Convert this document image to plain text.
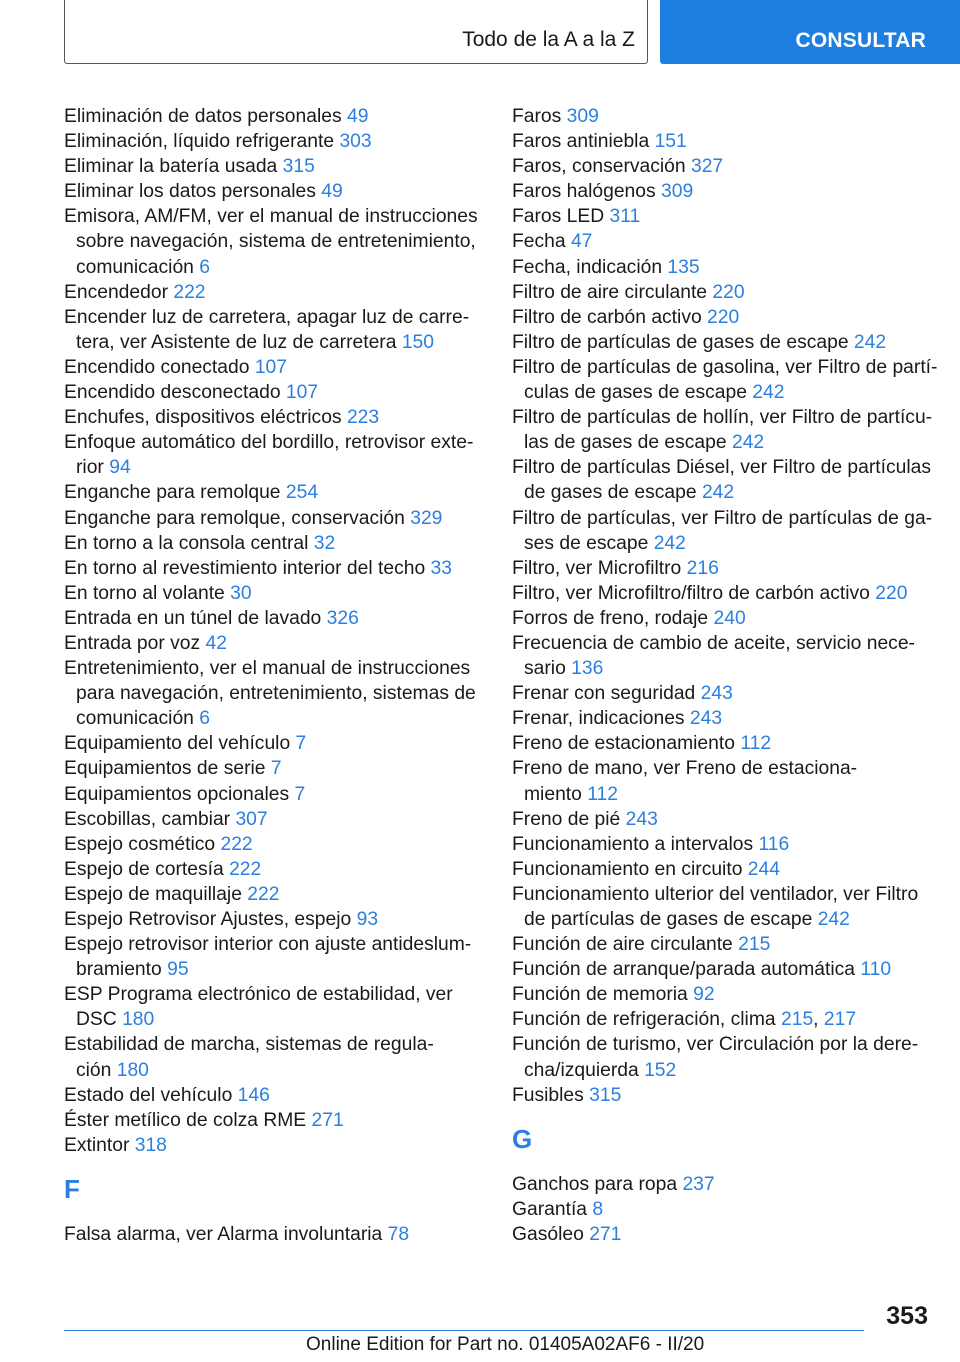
Todo de la A a la Z	CONSULTAR
Eliminación de datos personales 49
Eliminación, líquido refrigerante 303
Eliminar la batería usada 315
Eliminar los datos personales 49
Emisora, AM/FM, ver el manual de instrucciones
sobre navegación, sistema de entretenimiento,
comunicación 6
Encendedor 222
Encender luz de carretera, apagar luz de carre-
tera, ver Asistente de luz de carretera 150
Encendido conectado 107
Encendido desconectado 107
Enchufes, dispositivos eléctricos 223
Enfoque automático del bordillo, retrovisor exte-
rior 94
Enganche para remolque 254
Enganche para remolque, conservación 329
En torno a la consola central 32
En torno al revestimiento interior del techo 33
En torno al volante 30
Entrada en un túnel de lavado 326
Entrada por voz 42
Entretenimiento, ver el manual de instrucciones
para navegación, entretenimiento, sistemas de
comunicación 6
Equipamiento del vehículo 7
Equipamientos de serie 7
Equipamientos opcionales 7
Escobillas, cambiar 307
Espejo cosmético 222
Espejo de cortesía 222
Espejo de maquillaje 222
Espejo Retrovisor Ajustes, espejo 93
Espejo retrovisor interior con ajuste antideslum-
bramiento 95
ESP Programa electrónico de estabilidad, ver
DSC 180
Estabilidad de marcha, sistemas de regula-
ción 180
Estado del vehículo 146
Éster metílico de colza RME 271
Extintor 318
F
Falsa alarma, ver Alarma involuntaria 78
Faros 309
Faros antiniebla 151
Faros, conservación 327
Faros halógenos 309
Faros LED 311
Fecha 47
Fecha, indicación 135
Filtro de aire circulante 220
Filtro de carbón activo 220
Filtro de partículas de gases de escape 242
Filtro de partículas de gasolina, ver Filtro de partí-
culas de gases de escape 242
Filtro de partículas de hollín, ver Filtro de partícu-
las de gases de escape 242
Filtro de partículas Diésel, ver Filtro de partículas
de gases de escape 242
Filtro de partículas, ver Filtro de partículas de ga-
ses de escape 242
Filtro, ver Microfiltro 216
Filtro, ver Microfiltro/filtro de carbón activo 220
Forros de freno, rodaje 240
Frecuencia de cambio de aceite, servicio nece-
sario 136
Frenar con seguridad 243
Frenar, indicaciones 243
Freno de estacionamiento 112
Freno de mano, ver Freno de estaciona-
miento 112
Freno de pié 243
Funcionamiento a intervalos 116
Funcionamiento en circuito 244
Funcionamiento ulterior del ventilador, ver Filtro
de partículas de gases de escape 242
Función de aire circulante 215
Función de arranque/parada automática 110
Función de memoria 92
Función de refrigeración, clima 215, 217
Función de turismo, ver Circulación por la dere-
cha/izquierda 152
Fusibles 315
G
Ganchos para ropa 237
Garantía 8
Gasóleo 271
353
Online Edition for Part no. 01405A02AF6 - II/20
